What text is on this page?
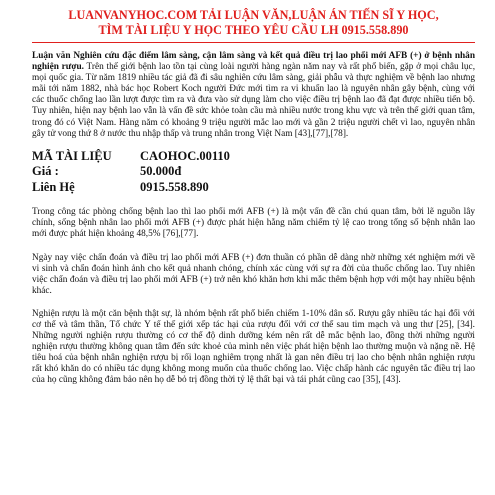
LUANVANYHOC.COM TẢI LUẬN VĂN,LUẬN ÁN TIẾN SĨ Y HỌC,
TÌM TÀI LIỆU Y HỌC THEO YÊU CẦU LH 0915.558.890
Luận văn Nghiên cứu đặc điểm lâm sàng, cận lâm sàng và kết quả điều trị lao phổi mới AFB (+) ở bệnh nhân nghiện rượu. Trên thế giới bệnh lao tồn tại cùng loài người hàng ngàn năm nay và rất phổ biến, gặp ở mọi châu lục, mọi quốc gia. Từ năm 1819 nhiều tác giả đã đi sâu nghiên cứu lâm sàng, giải phẫu và thực nghiệm về bệnh lao nhưng mãi tới năm 1882, nhà bác học Robert Koch người Đức mới tìm ra vi khuẩn lao là nguyên nhân gây bệnh, cùng với các thuốc chống lao lần lượt được tìm ra và đưa vào sử dụng làm cho việc điều trị bệnh lao đã đạt được nhiều tiến bộ. Tuy nhiên, hiện nay bệnh lao vẫn là vấn đề sức khỏe toàn cầu mà nhiều nước trong khu vực và trên thế giới quan tâm, trong đó có Việt Nam. Hàng năm có khoảng 9 triệu người mắc lao mới và gần 2 triệu người chết vì lao, nguyên nhân gây tử vong thứ 8 ở nước thu nhập thấp và trung nhân trong Việt Nam [43],[77],[78].
MÃ TÀI LIỆU	CAOHOC.00110
Giá :	50.000đ
Liên Hệ	0915.558.890

Trong công tác phòng chống bệnh lao thì lao phổi mới AFB (+) là một vấn đề cần chú quan tâm, bởi lẽ nguồn lây chính, sống bệnh nhân lao phổi mới AFB (+) được phát hiện hằng năm chiếm tỷ lệ cao trong tổng số bệnh nhân lao mới được phát hiện khoảng 48,5% [76],[77].

Ngày nay việc chẩn đoán và điều trị lao phổi mới AFB (+) đơn thuần có phần dễ dàng nhờ những xét nghiệm mới về vi sinh và chẩn đoán hình ảnh cho kết quả nhanh chóng, chính xác cùng với sự ra đời của thuốc chống lao. Tuy nhiên việc chẩn đoán và điều trị lao phổi mới AFB (+) trở nên khó khăn hơn khi mắc thêm bệnh hợp với một hay nhiều bệnh khác.

Nghiện rượu là một căn bệnh thật sự, là nhóm bệnh rất phổ biến chiếm 1-10% dân số. Rượu gây nhiều tác hại đối với cơ thể và tâm thần, Tổ chức Y tế thế giới xếp tác hại của rượu đối với cơ thể sau tim mạch và ung thư [25], [34]. Những người nghiện rượu thường có cơ thể độ dinh dưỡng kém nên rất dễ mắc bệnh lao, đồng thời những người nghiện rượu thường không quan tâm đến sức khoẻ của mình nên việc phát hiện bệnh lao thường muộn và nặng nề. Hệ tiêu hoá của bệnh nhân nghiện rượu bị rối loạn nghiêm trọng nhất là gan nên điều trị lao cho bệnh nhân nghiện rượu rất khó khăn do có nhiều tác dụng không mong muốn của thuốc chống lao. Việc chấp hành các nguyên tắc điều trị lao của họ cũng không đảm bảo nên họ dễ bỏ trị đồng thời tỷ lệ thất bại và tái phát cũng cao [35], [43].
